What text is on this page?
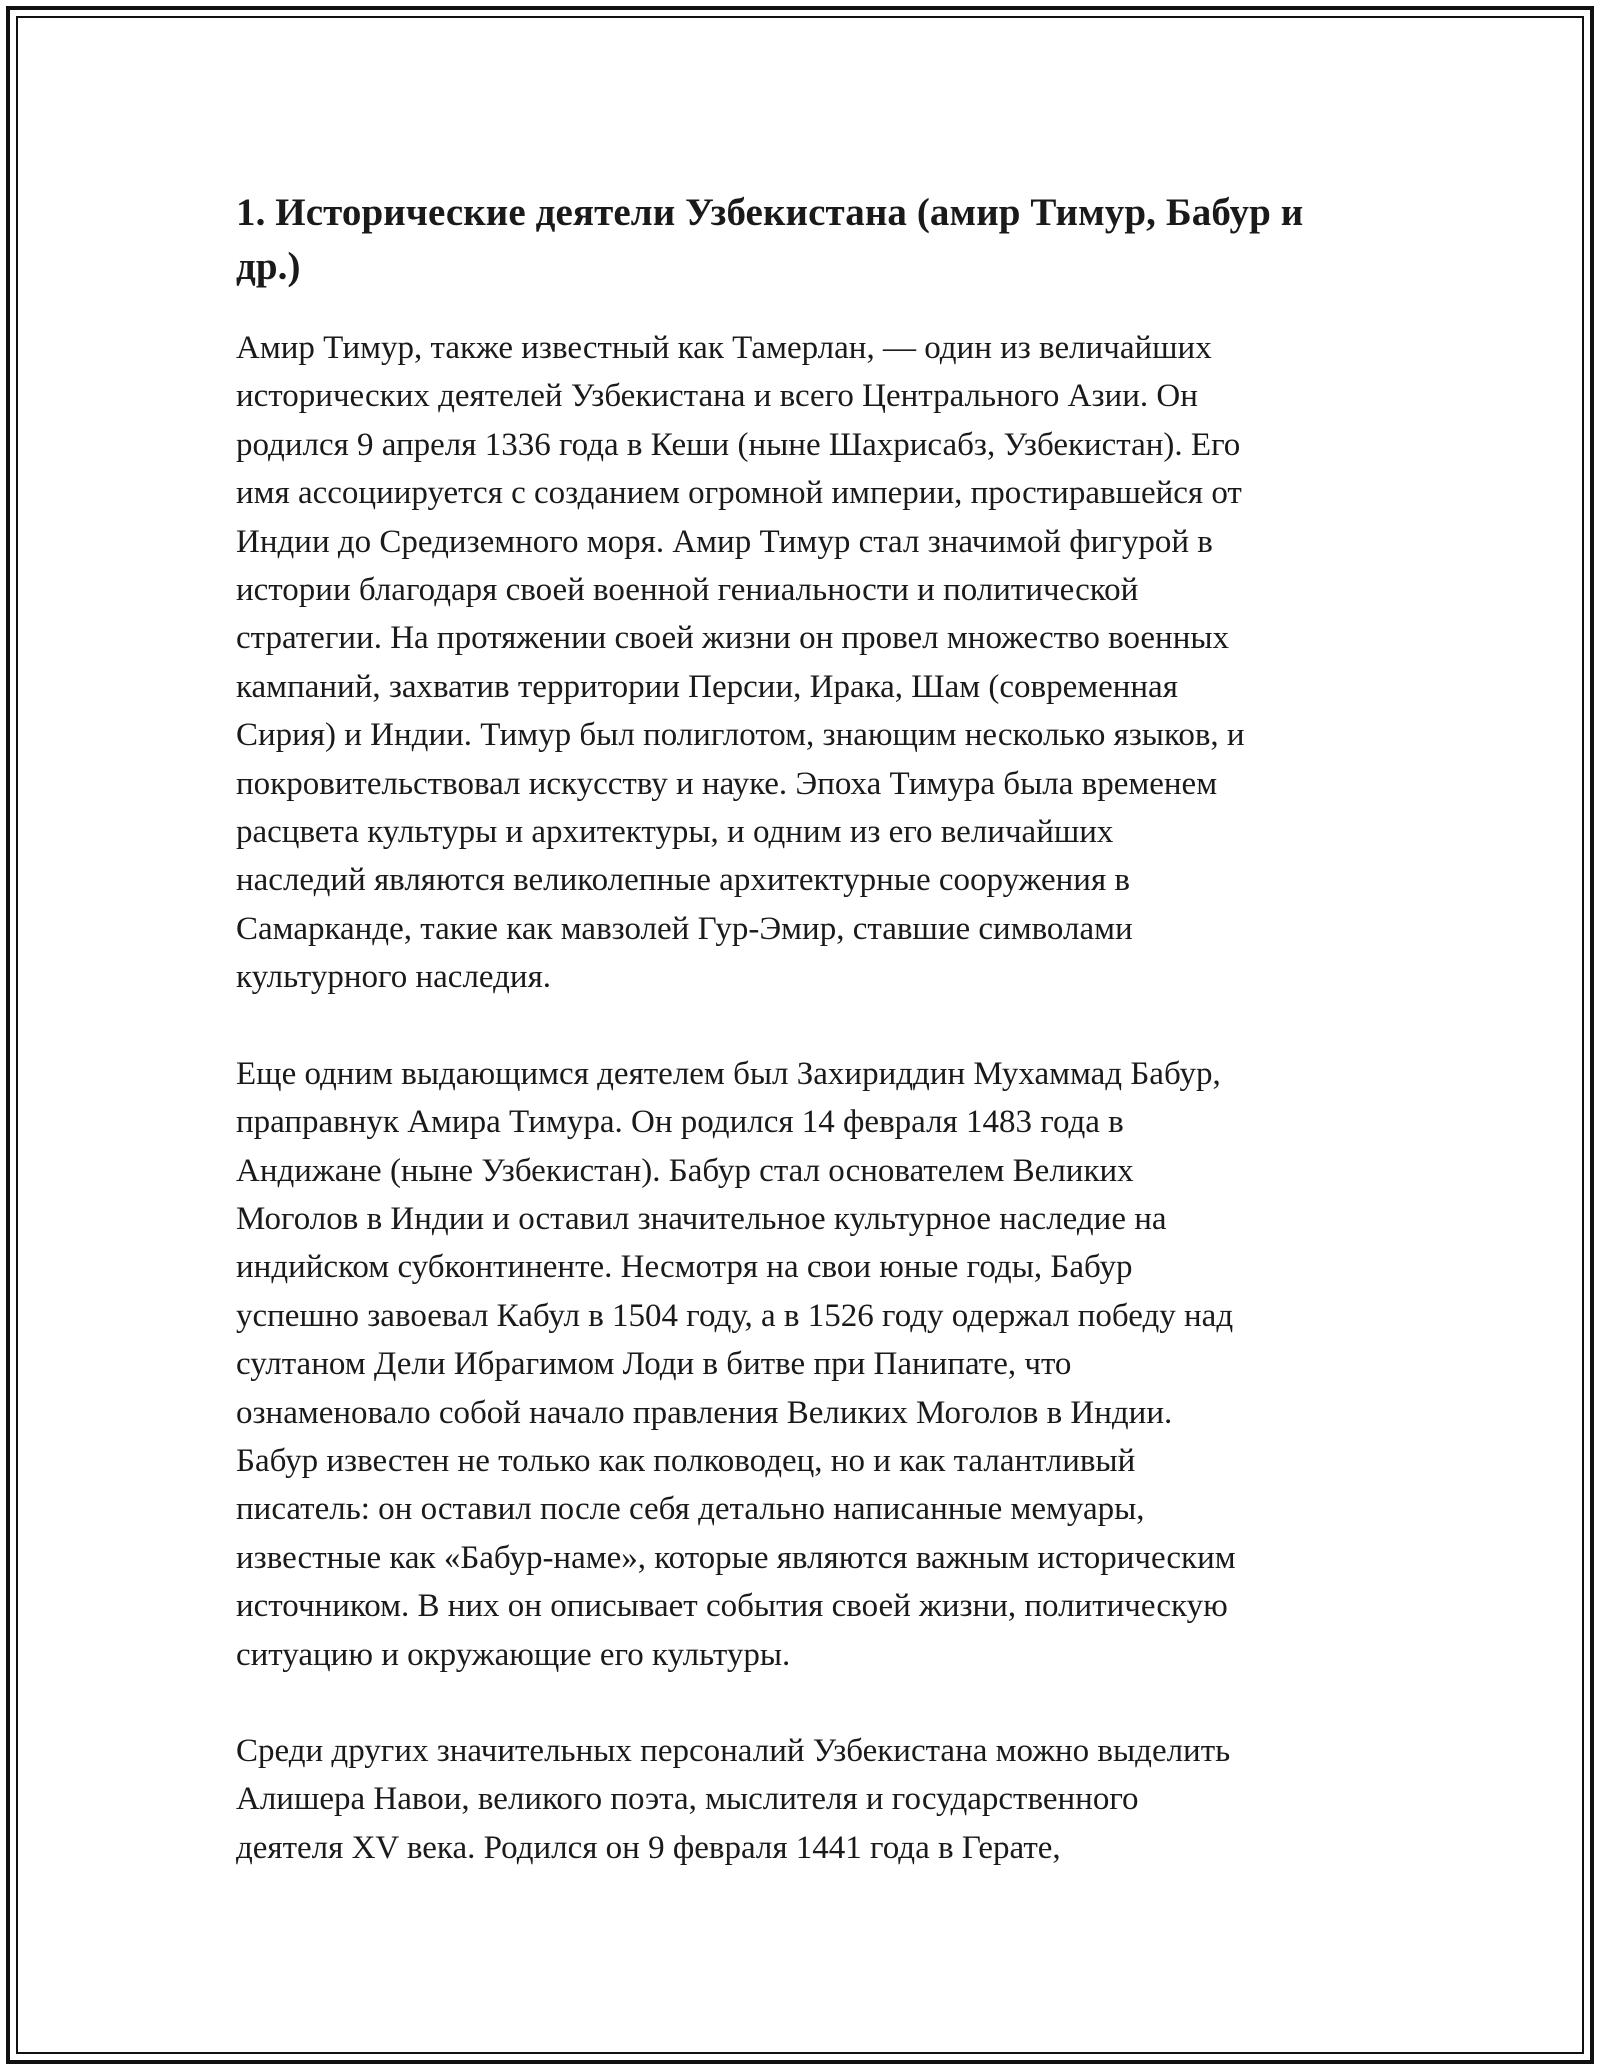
1. Исторические деятели Узбекистана (амир Тимур, Бабур и др.)

Амир Тимур, также известный как Тамерлан, — один из величайших
исторических деятелей Узбекистана и всего Центрального Азии. Он
родился 9 апреля 1336 года в Кеши (ныне Шахрисабз, Узбекистан). Его
имя ассоциируется с созданием огромной империи, простиравшейся от
Индии до Средиземного моря. Амир Тимур стал значимой фигурой в
истории благодаря своей военной гениальности и политической
стратегии. На протяжении своей жизни он провел множество военных
кампаний, захватив территории Персии, Ирака, Шам (современная
Сирия) и Индии. Тимур был полиглотом, знающим несколько языков, и
покровительствовал искусству и науке. Эпоха Тимура была временем
расцвета культуры и архитектуры, и одним из его величайших
наследий являются великолепные архитектурные сооружения в
Самарканде, такие как мавзолей Гур-Эмир, ставшие символами
культурного наследия.

Еще одним выдающимся деятелем был Захириддин Мухаммад Бабур,
праправнук Амира Тимура. Он родился 14 февраля 1483 года в
Андижане (ныне Узбекистан). Бабур стал основателем Великих
Моголов в Индии и оставил значительное культурное наследие на
индийском субконтиненте. Несмотря на свои юные годы, Бабур
успешно завоевал Кабул в 1504 году, а в 1526 году одержал победу над
султаном Дели Ибрагимом Лоди в битве при Панипате, что
ознаменовало собой начало правления Великих Моголов в Индии.
Бабур известен не только как полководец, но и как талантливый
писатель: он оставил после себя детально написанные мемуары,
известные как «Бабур-наме», которые являются важным историческим
источником. В них он описывает события своей жизни, политическую
ситуацию и окружающие его культуры.

Среди других значительных персоналий Узбекистана можно выделить
Алишера Навои, великого поэта, мыслителя и государственного
деятеля XV века. Родился он 9 февраля 1441 года в Герате,
